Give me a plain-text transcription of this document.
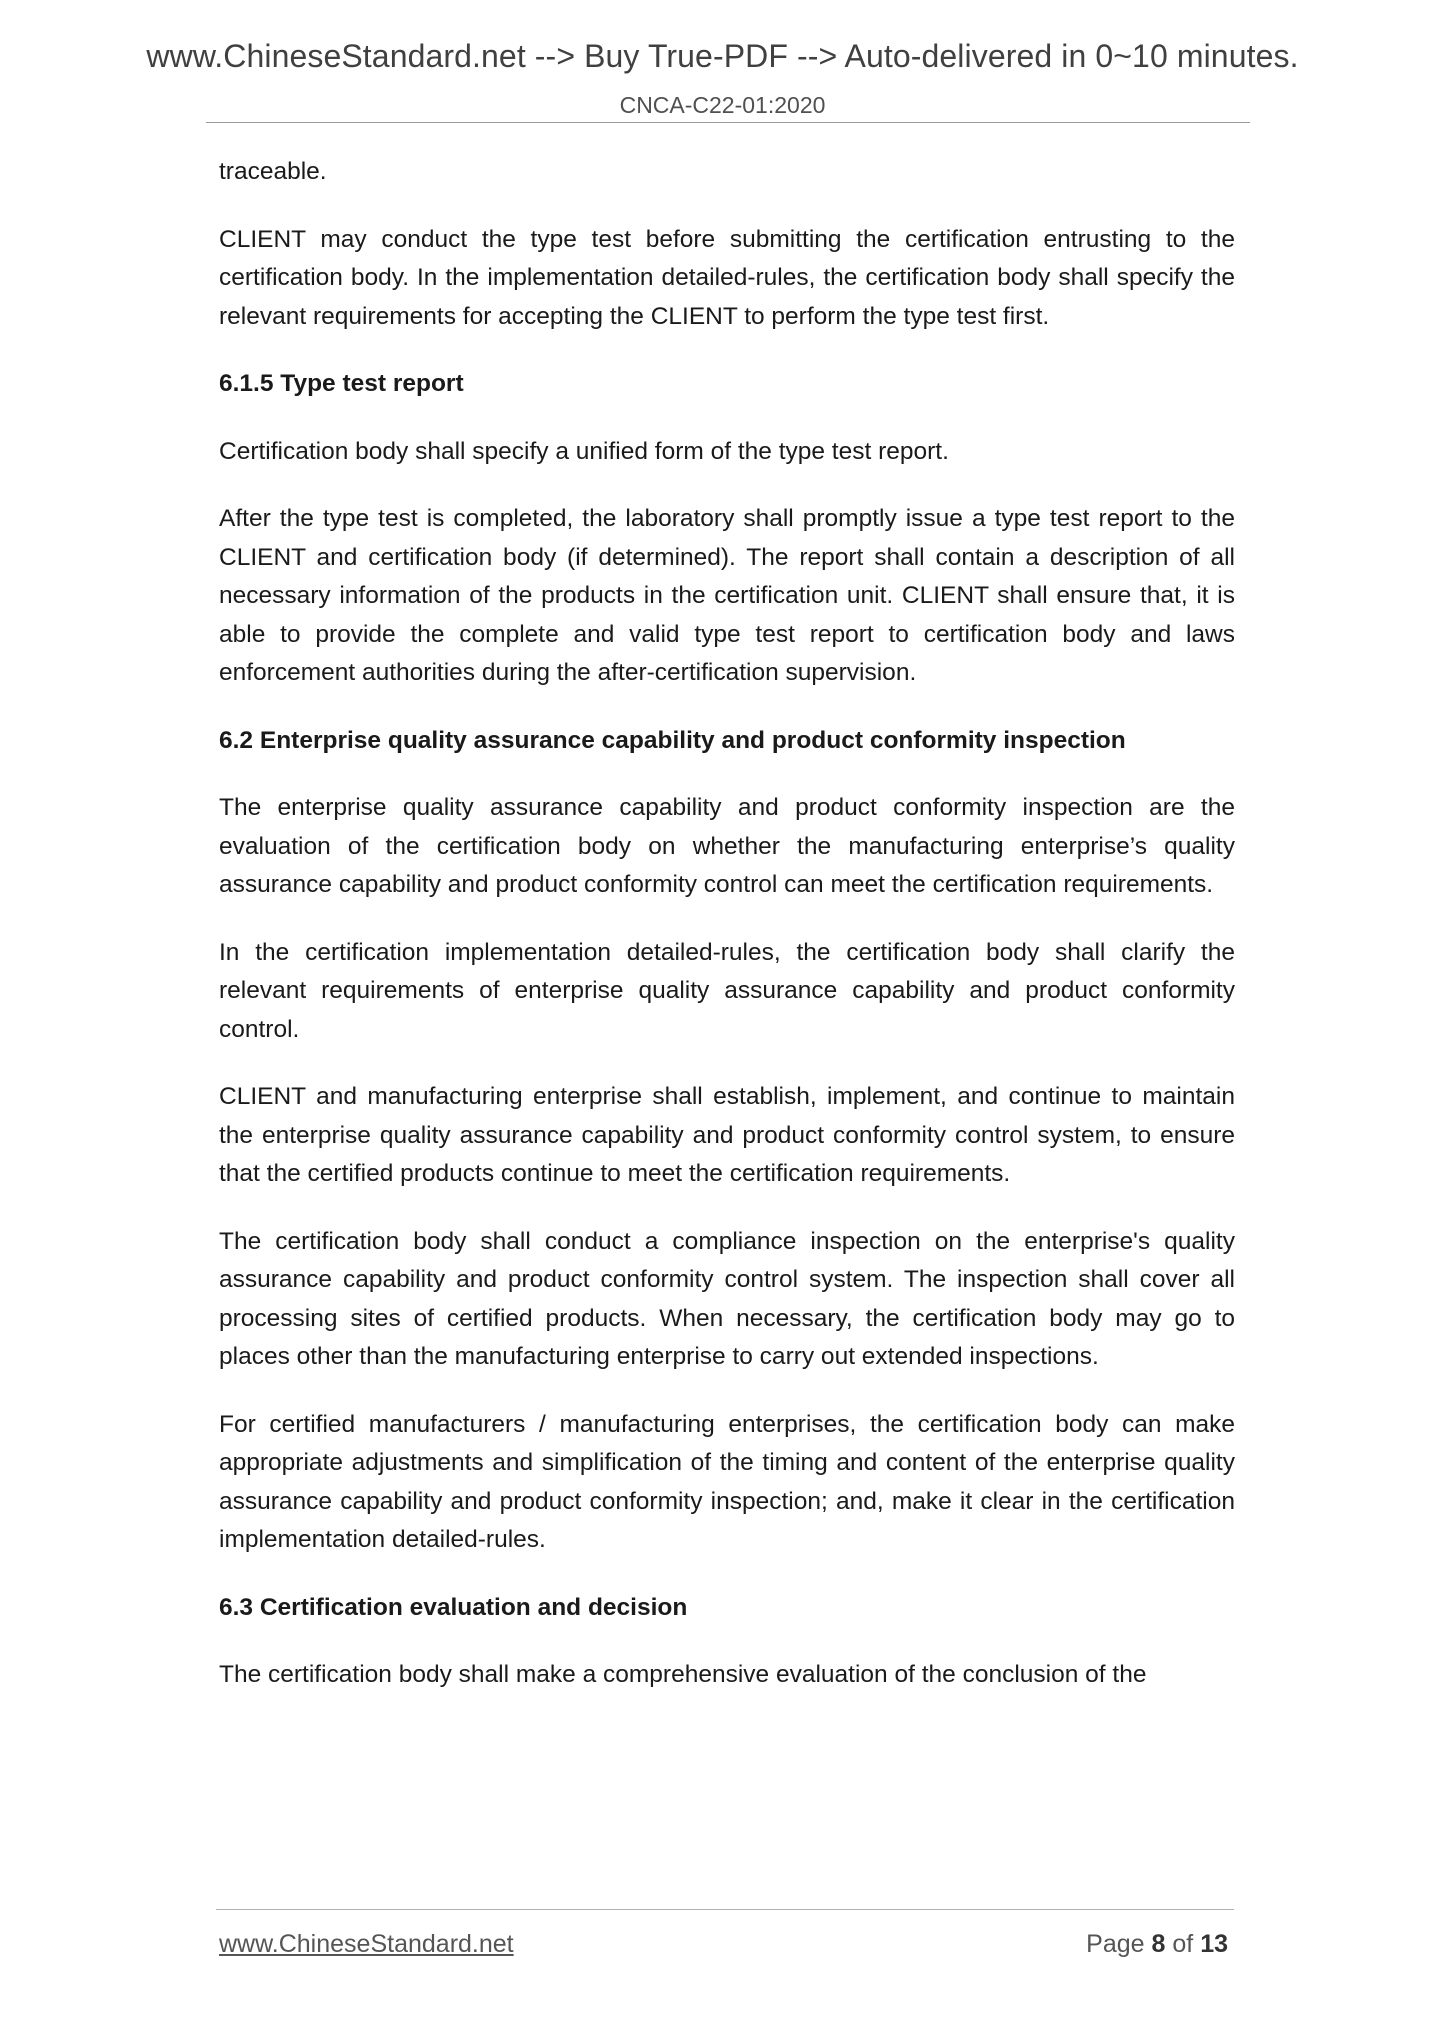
www.ChineseStandard.net --> Buy True-PDF --> Auto-delivered in 0~10 minutes.
CNCA-C22-01:2020

traceable.

CLIENT may conduct the type test before submitting the certification entrusting to the certification body. In the implementation detailed-rules, the certification body shall specify the relevant requirements for accepting the CLIENT to perform the type test first.

6.1.5 Type test report

Certification body shall specify a unified form of the type test report.

After the type test is completed, the laboratory shall promptly issue a type test report to the CLIENT and certification body (if determined). The report shall contain a description of all necessary information of the products in the certification unit. CLIENT shall ensure that, it is able to provide the complete and valid type test report to certification body and laws enforcement authorities during the after-certification supervision.

6.2 Enterprise quality assurance capability and product conformity inspection

The enterprise quality assurance capability and product conformity inspection are the evaluation of the certification body on whether the manufacturing enterprise’s quality assurance capability and product conformity control can meet the certification requirements.

In the certification implementation detailed-rules, the certification body shall clarify the relevant requirements of enterprise quality assurance capability and product conformity control.

CLIENT and manufacturing enterprise shall establish, implement, and continue to maintain the enterprise quality assurance capability and product conformity control system, to ensure that the certified products continue to meet the certification requirements.

The certification body shall conduct a compliance inspection on the enterprise's quality assurance capability and product conformity control system. The inspection shall cover all processing sites of certified products. When necessary, the certification body may go to places other than the manufacturing enterprise to carry out extended inspections.

For certified manufacturers / manufacturing enterprises, the certification body can make appropriate adjustments and simplification of the timing and content of the enterprise quality assurance capability and product conformity inspection; and, make it clear in the certification implementation detailed-rules.

6.3 Certification evaluation and decision

The certification body shall make a comprehensive evaluation of the conclusion of the

www.ChineseStandard.net	Page 8 of 13
